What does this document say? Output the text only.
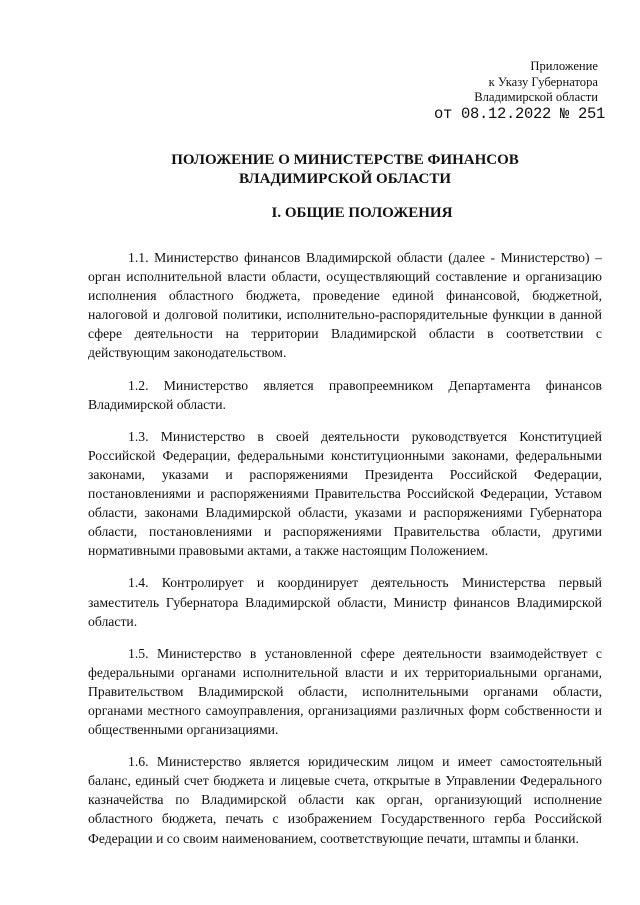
Приложение
к Указу Губернатора
Владимирской области
от 08.12.2022 № 251
ПОЛОЖЕНИЕ О МИНИСТЕРСТВЕ ФИНАНСОВ
ВЛАДИМИРСКОЙ ОБЛАСТИ
I. ОБЩИЕ ПОЛОЖЕНИЯ

1.1. Министерство финансов Владимирской области (далее - Министерство) – орган исполнительной власти области, осуществляющий составление и организацию исполнения областного бюджета, проведение единой финансовой, бюджетной, налоговой и долговой политики, исполнительно-распорядительные функции в данной сфере деятельности на территории Владимирской области в соответствии с действующим законодательством.

1.2. Министерство является правопреемником Департамента финансов Владимирской области.

1.3. Министерство в своей деятельности руководствуется Конституцией Российской Федерации, федеральными конституционными законами, федеральными законами, указами и распоряжениями Президента Российской Федерации, постановлениями и распоряжениями Правительства Российской Федерации, Уставом области, законами Владимирской области, указами и распоряжениями Губернатора области, постановлениями и распоряжениями Правительства области, другими нормативными правовыми актами, а также настоящим Положением.

1.4. Контролирует и координирует деятельность Министерства первый заместитель Губернатора Владимирской области, Министр финансов Владимирской области.

1.5. Министерство в установленной сфере деятельности взаимодействует с федеральными органами исполнительной власти и их территориальными органами, Правительством Владимирской области, исполнительными органами области, органами местного самоуправления, организациями различных форм собственности и общественными организациями.

1.6. Министерство является юридическим лицом и имеет самостоятельный баланс, единый счет бюджета и лицевые счета, открытые в Управлении Федерального казначейства по Владимирской области как орган, организующий исполнение областного бюджета, печать с изображением Государственного герба Российской Федерации и со своим наименованием, соответствующие печати, штампы и бланки.
